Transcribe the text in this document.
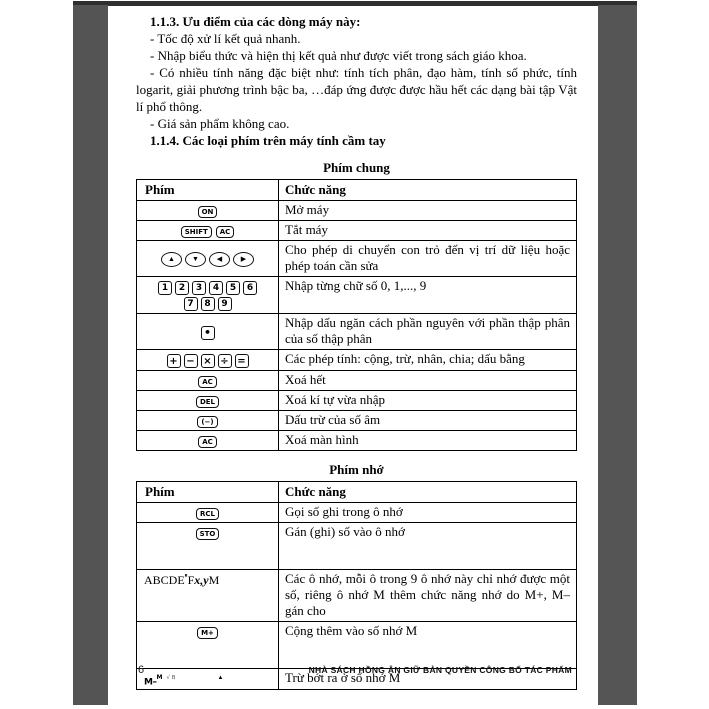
1.1.3. Ưu điểm của các dòng máy này:

- Tốc độ xử lí kết quả nhanh.

- Nhập biểu thức và hiện thị kết quả như được viết trong sách giáo khoa.

- Có nhiều tính năng đặc biệt như: tính tích phân, đạo hàm, tính số phức, tính logarit, giải phương trình bậc ba, …đáp ứng được được hầu hết các dạng bài tập Vật lí phổ thông.

- Giá sản phẩm không cao.

1.1.4. Các loại phím trên máy tính cầm tay

Phím chung
Phím	Chức năng

ON	Mở máy

SHIFT AC	Tắt máy

▲ ▼ ◀ ▶	Cho phép di chuyển con trỏ đến vị trí dữ liệu hoặc phép toán cần sửa

1 2 3 4 5 6
7 8 9	Nhập từng chữ số 0, 1,..., 9

•	Nhập dấu ngăn cách phần nguyên với phần thập phân của số thập phân

+ − × ÷ =	Các phép tính: cộng, trừ, nhân, chia; dấu bằng

AC	Xoá hết

DEL	Xoá kí tự vừa nhập

(−)	Dấu trừ của số âm

AC	Xoá màn hình
Phím nhớ
Phím	Chức năng

RCL	Gọi số ghi trong ô nhớ

STO	Gán (ghi) số vào ô nhớ

$ABCDE^ᴮFx,yM$	Các ô nhớ, mỗi ô trong 9 ô nhớ này chỉ nhớ được một số, riêng ô nhớ M thêm chức năng nhớ do M+, M– gán cho

M+	Cộng thêm vào số nhớ M

M–$^M$ $^{√ B}$ ▲	Trừ bớt ra ở số nhớ M
6	NHÀ SÁCH HỒNG ÂN GIỮ BẢN QUYỀN CÔNG BỐ TÁC PHẨM
